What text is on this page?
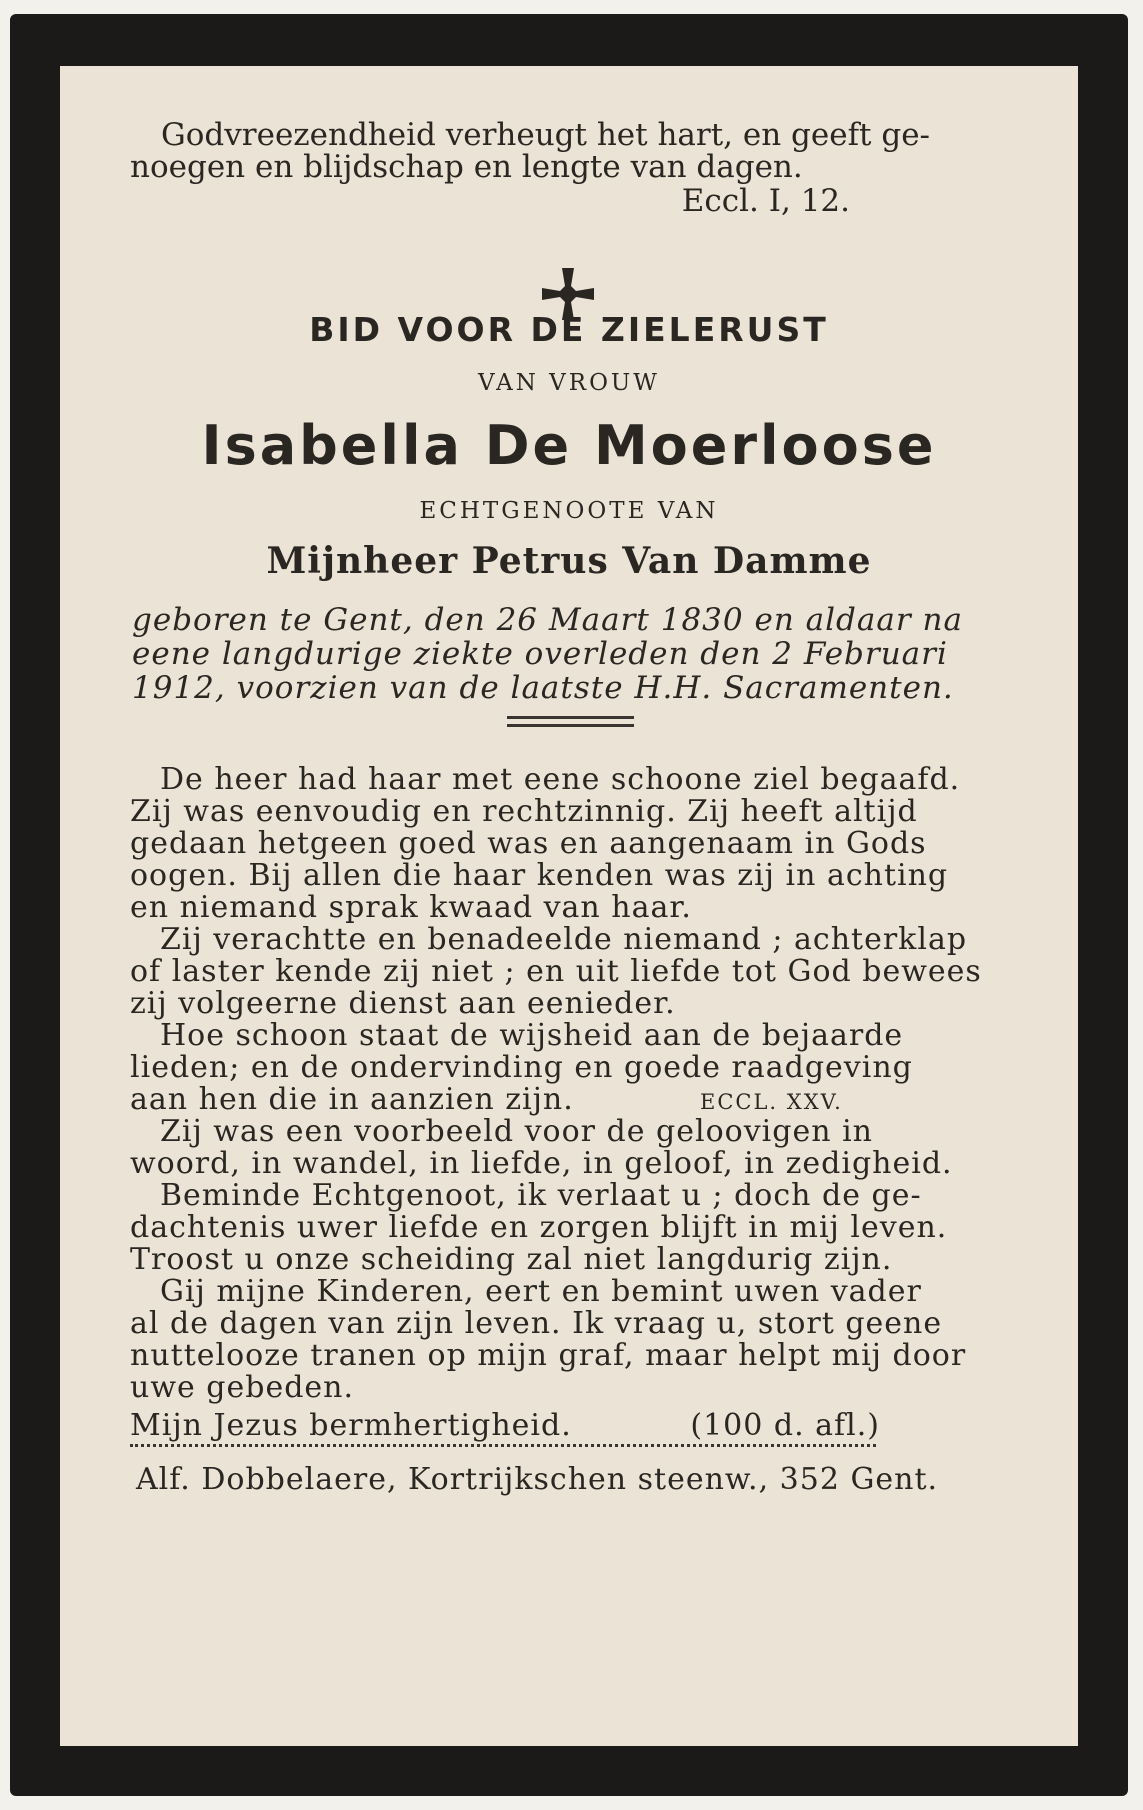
Godvreezendheid verheugt het hart, en geeft ge-

noegen en blijdschap en lengte van dagen.

Eccl. I, 12.

BID VOOR DE ZIELERUST

VAN VROUW

Isabella De Moerloose

ECHTGENOOTE VAN

Mijnheer Petrus Van Damme

geboren te Gent, den 26 Maart 1830 en aldaar na

eene langdurige ziekte overleden den 2 Februari

1912, voorzien van de laatste H.H. Sacramenten.

De heer had haar met eene schoone ziel begaafd.

Zij was eenvoudig en rechtzinnig. Zij heeft altijd

gedaan hetgeen goed was en aangenaam in Gods

oogen. Bij allen die haar kenden was zij in achting

en niemand sprak kwaad van haar.

Zij verachtte en benadeelde niemand ; achterklap

of laster kende zij niet ; en uit liefde tot God bewees

zij volgeerne dienst aan eenieder.

Hoe schoon staat de wijsheid aan de bejaarde

lieden; en de ondervinding en goede raadgeving

aan hen die in aanzien zijn.	ECCL. XXV.

Zij was een voorbeeld voor de geloovigen in

woord, in wandel, in liefde, in geloof, in zedigheid.

Beminde Echtgenoot, ik verlaat u ; doch de ge-

dachtenis uwer liefde en zorgen blijft in mij leven.

Troost u onze scheiding zal niet langdurig zijn.

Gij mijne Kinderen, eert en bemint uwen vader

al de dagen van zijn leven. Ik vraag u, stort geene

nuttelooze tranen op mijn graf, maar helpt mij door

uwe gebeden.

Mijn Jezus bermhertigheid.	(100 d. afl.)

Alf. Dobbelaere, Kortrijkschen steenw., 352 Gent.
